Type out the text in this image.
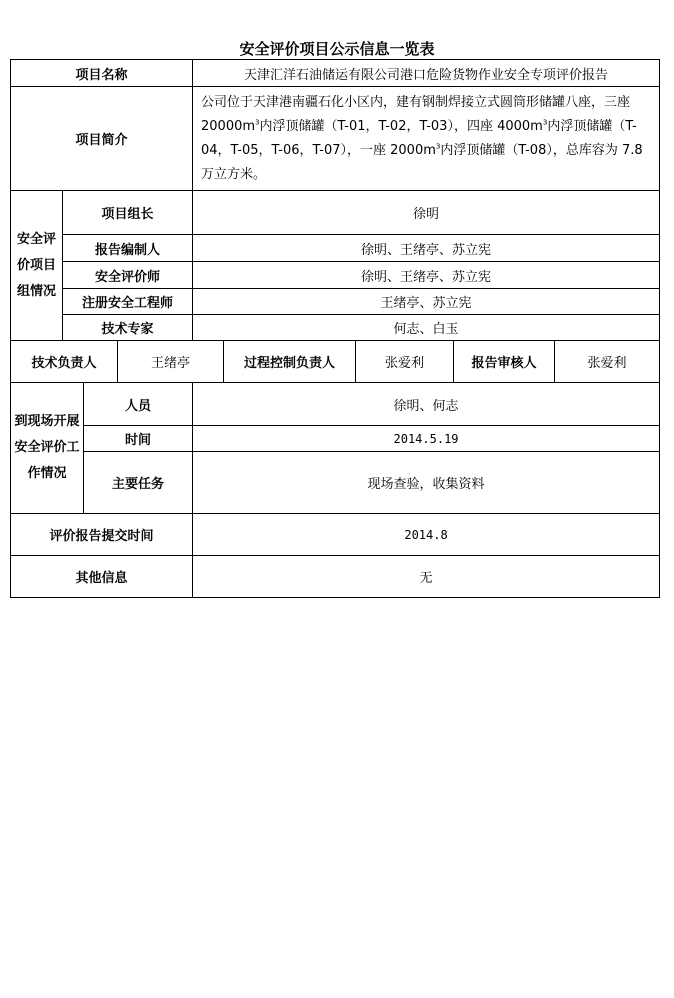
安全评价项目公示信息一览表
项目名称				天津汇洋石油储运有限公司港口危险货物作业安全专项评价报告				
项目简介				公司位于天津港南疆石化小区内，建有钢制焊接立式圆筒形储罐八座，三座 $20000m^3$内浮顶储罐（T-01，T-02，T-03），四座 $4000m^3$内浮顶储罐（T-04，T-05，T-06，T-07），一座 $2000m^3$内浮顶储罐（T-08），总库容为 7.8 万立方米。				
安全评价项目组情况	项目组长			徐明				
	报告编制人			徐明、王绪亭、苏立宪				
	安全评价师			徐明、王绪亭、苏立宪				
	注册安全工程师			王绪亭、苏立宪				
	技术专家			何志、白玉				
技术负责人			王绪亭		过程控制负责人	张爱利	报告审核人	张爱利
到现场开展安全评价工作情况		人员		徐明、何志				
		时间		2014.5.19				
		主要任务		现场查验，收集资料				
评价报告提交时间				2014.8				
其他信息				无				
